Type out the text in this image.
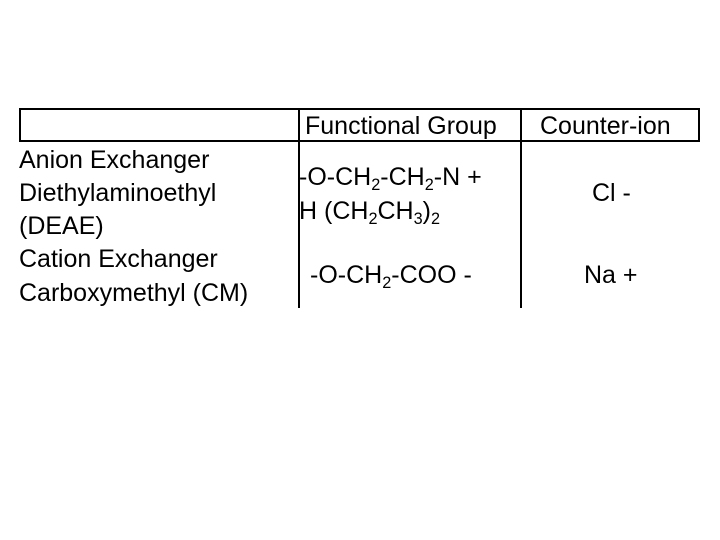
Functional Group Counter-ion
Anion Exchanger
Diethylaminoethyl
(DEAE)
$-O-CH_2-CH_2-N$ +
H $(CH_2CH_3)_2$
Cl -
Cation Exchanger
Carboxymethyl (CM)
$-O-CH_2$-COO -	Na +
